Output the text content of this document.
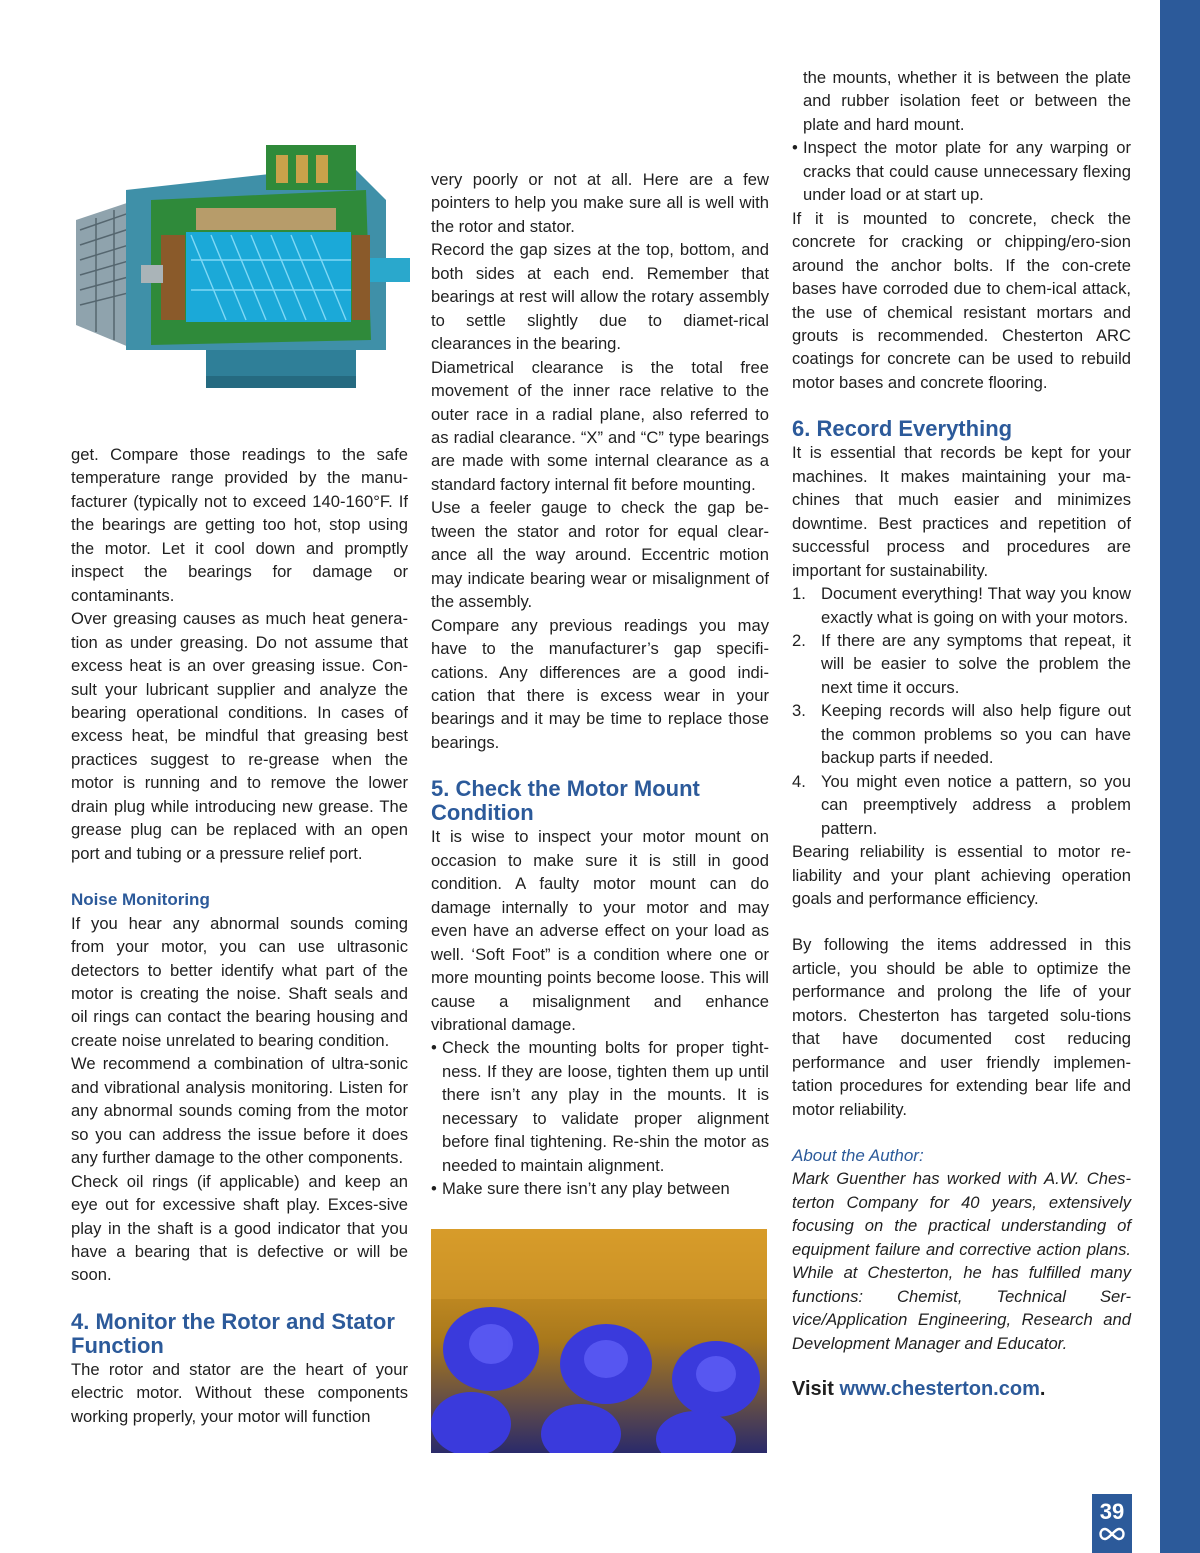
get. Compare those readings to the safe temperature range provided by the manu-facturer (typically not to exceed 140-160°F. If the bearings are getting too hot, stop using the motor. Let it cool down and promptly inspect the bearings for damage or contaminants.

Over greasing causes as much heat genera-tion as under greasing. Do not assume that excess heat is an over greasing issue. Con-sult your lubricant supplier and analyze the bearing operational conditions. In cases of excess heat, be mindful that greasing best practices suggest to re-grease when the motor is running and to remove the lower drain plug while introducing new grease. The grease plug can be replaced with an open port and tubing or a pressure relief port.

Noise Monitoring

If you hear any abnormal sounds coming from your motor, you can use ultrasonic detectors to better identify what part of the motor is creating the noise. Shaft seals and oil rings can contact the bearing housing and create noise unrelated to bearing condition.

We recommend a combination of ultra-sonic and vibrational analysis monitoring. Listen for any abnormal sounds coming from the motor so you can address the issue before it does any further damage to the other components.

Check oil rings (if applicable) and keep an eye out for excessive shaft play. Exces-sive play in the shaft is a good indicator that you have a bearing that is defective or will be soon.

4. Monitor the Rotor and Stator Function

The rotor and stator are the heart of your electric motor. Without these components working properly, your motor will function

very poorly or not at all. Here are a few pointers to help you make sure all is well with the rotor and stator.

Record the gap sizes at the top, bottom, and both sides at each end. Remember that bearings at rest will allow the rotary assembly to settle slightly due to diamet-rical clearances in the bearing.

Diametrical clearance is the total free movement of the inner race relative to the outer race in a radial plane, also referred to as radial clearance. “X” and “C” type bearings are made with some internal clearance as a standard factory internal fit before mounting.

Use a feeler gauge to check the gap be-tween the stator and rotor for equal clear-ance all the way around. Eccentric motion may indicate bearing wear or misalignment of the assembly.

Compare any previous readings you may have to the manufacturer’s gap specifi-cations. Any differences are a good indi-cation that there is excess wear in your bearings and it may be time to replace those bearings.

5. Check the Motor Mount Condition

It is wise to inspect your motor mount on occasion to make sure it is still in good condition. A faulty motor mount can do damage internally to your motor and may even have an adverse effect on your load as well. ‘Soft Foot” is a condition where one or more mounting points become loose. This will cause a misalignment and enhance vibrational damage.

• Check the mounting bolts for proper tight-ness. If they are loose, tighten them up until there isn’t any play in the mounts. It is necessary to validate proper alignment before final tightening. Re-shin the motor as needed to maintain alignment.
• Make sure there isn’t any play between
the mounts, whether it is between the plate and rubber isolation feet or between the plate and hard mount.
• Inspect the motor plate for any warping or cracks that could cause unnecessary flexing under load or at start up.

If it is mounted to concrete, check the concrete for cracking or chipping/ero-sion around the anchor bolts. If the con-crete bases have corroded due to chem-ical attack, the use of chemical resistant mortars and grouts is recommended. Chesterton ARC coatings for concrete can be used to rebuild motor bases and concrete flooring.

6. Record Everything

It is essential that records be kept for your machines. It makes maintaining your ma-chines that much easier and minimizes downtime. Best practices and repetition of successful process and procedures are important for sustainability.

1. Document everything! That way you know exactly what is going on with your motors.
2. If there are any symptoms that repeat, it will be easier to solve the problem the next time it occurs.
3. Keeping records will also help figure out the common problems so you can have backup parts if needed.
4. You might even notice a pattern, so you can preemptively address a problem pattern.

Bearing reliability is essential to motor re-liability and your plant achieving operation goals and performance efficiency.

By following the items addressed in this article, you should be able to optimize the performance and prolong the life of your motors. Chesterton has targeted solu-tions that have documented cost reducing performance and user friendly implemen-tation procedures for extending bear life and motor reliability.

About the Author:

Mark Guenther has worked with A.W. Ches-terton Company for 40 years, extensively focusing on the practical understanding of equipment failure and corrective action plans. While at Chesterton, he has fulfilled many functions: Chemist, Technical Ser-vice/Application Engineering, Research and Development Manager and Educator.

Visit www.chesterton.com.

39
